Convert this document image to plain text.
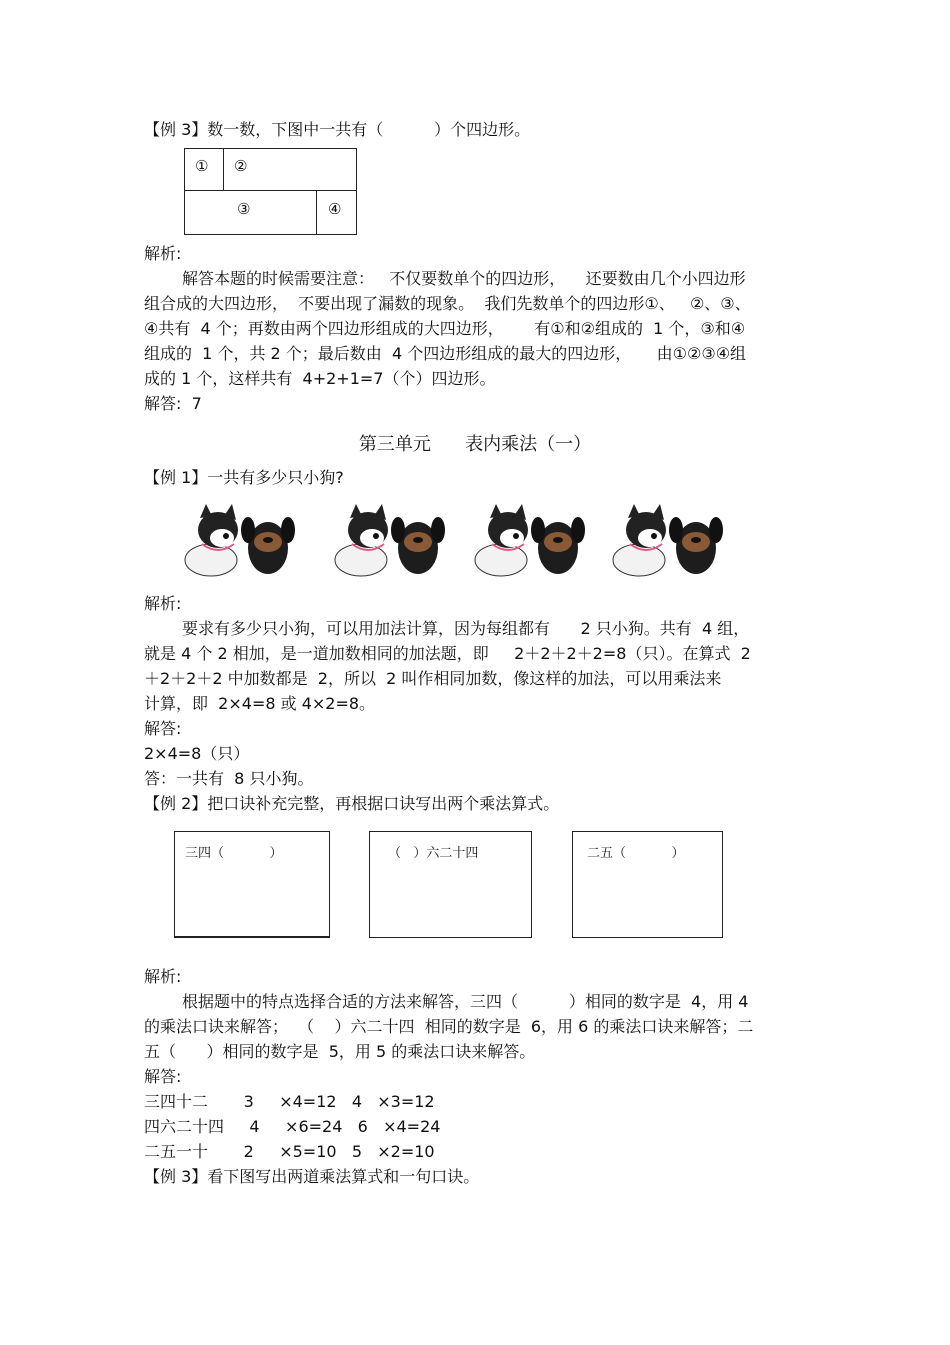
【例 3】数一数，下图中一共有（          ）个四边形。
① ②
③	④
解析:
解答本题的时候需要注意：   不仅要数单个的四边形，    还要数由几个小四边形
组合成的大四边形，  不要出现了漏数的现象。  我们先数单个的四边形①、   ②、③、
④共有  4 个；再数由两个四边形组成的大四边形，      有①和②组成的  1 个，③和④
组成的  1 个，共 2 个；最后数由  4 个四边形组成的最大的四边形，     由①②③④组
成的 1 个，这样共有  4+2+1=7（个）四边形。
解答:  7
第三单元      表内乘法（一）
【例 1】一共有多少只小狗?
解析:
要求有多少只小狗，可以用加法计算，因为每组都有      2 只小狗。共有  4 组，
就是 4 个 2 相加，是一道加数相同的加法题，即     2＋2＋2＋2=8（只）。在算式  2
＋2＋2＋2 中加数都是  2，所以  2 叫作相同加数，像这样的加法，可以用乘法来
计算，即  2×4=8 或 4×2=8。
解答:
2×4=8（只）
答：一共有  8 只小狗。
【例 2】把口诀补充完整，再根据口诀写出两个乘法算式。
三四（           ）	（   ）六二十四	二五（           ）
解析:
根据题中的特点选择合适的方法来解答，三四（          ）相同的数字是  4，用 4
的乘法口诀来解答；  （    ）六二十四  相同的数字是  6，用 6 的乘法口诀来解答；二
五（      ）相同的数字是  5，用 5 的乘法口诀来解答。
解答:
三四十二       3     ×4=12   4   ×3=12
四六二十四     4     ×6=24   6   ×4=24
二五一十       2     ×5=10   5   ×2=10
【例 3】看下图写出两道乘法算式和一句口诀。
